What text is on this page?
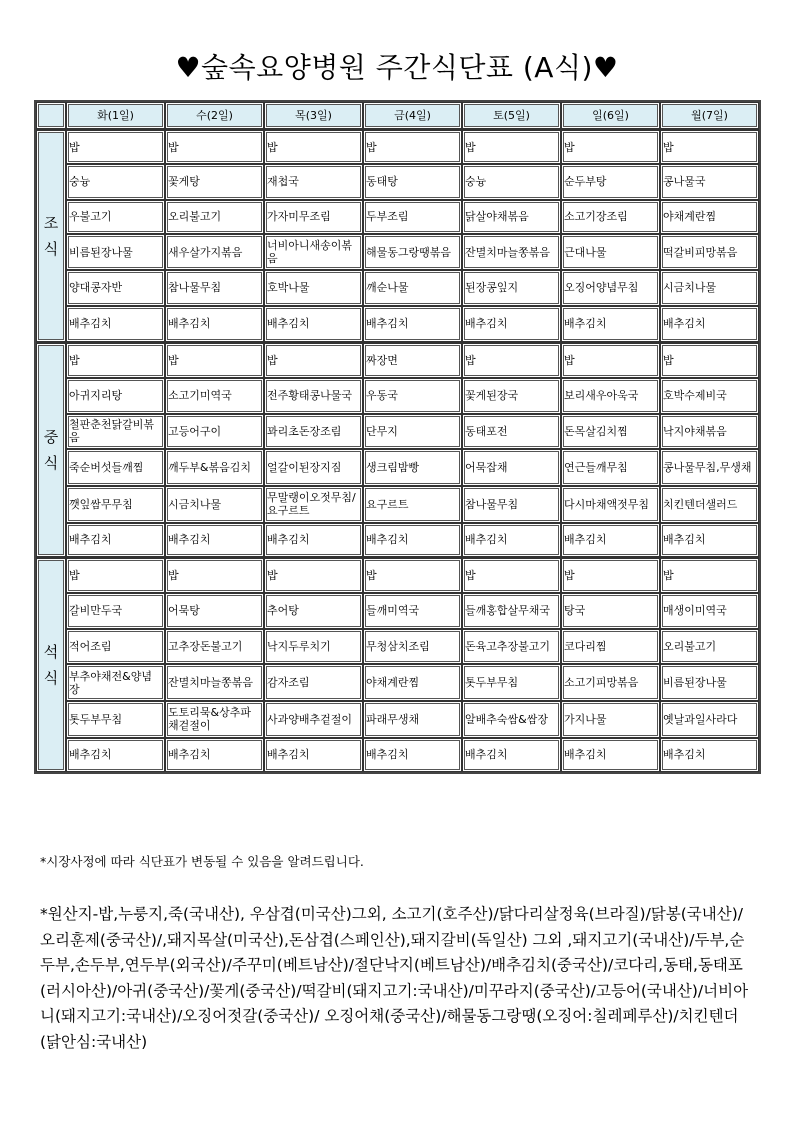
♥숲속요양병원 주간식단표 (A식)♥
	화(1일)	수(2일)	목(3일)	금(4일)	토(5일)	일(6일)	월(7일)
조식	밥	밥	밥	밥	밥	밥	밥
	숭늉	꽃게탕	재첩국	동태탕	숭늉	순두부탕	콩나물국
	우불고기	오리불고기	가자미무조림	두부조림	닭살야채볶음	소고기장조림	야채계란찜
	비름된장나물	새우살가지볶음	너비아니새송이볶음	해물동그랑땡볶음	잔멸치마늘쫑볶음	근대나물	떡갈비피망볶음
	양대콩자반	참나물무침	호박나물	깨순나물	된장콩잎지	오징어양념무침	시금치나물
	배추김치	배추김치	배추김치	배추김치	배추김치	배추김치	배추김치
중식	밥	밥	밥	짜장면	밥	밥	밥
	아귀지리탕	소고기미역국	전주황태콩나물국	우동국	꽃게된장국	보리새우아욱국	호박수제비국
	철판춘천닭갈비볶음	고등어구이	꽈리초돈장조림	단무지	동태포전	돈목살김치찜	낙지야채볶음
	죽순버섯들깨찜	깨두부&볶음김치	얼갈이된장지짐	생크림밤빵	어묵잡채	연근들깨무침	콩나물무침,무생채
	깻잎쌈무무침	시금치나물	무말랭이오젓무침/요구르트	요구르트	참나물무침	다시마채액젓무침	치킨텐더샐러드
	배추김치	배추김치	배추김치	배추김치	배추김치	배추김치	배추김치
석식	밥	밥	밥	밥	밥	밥	밥
	갈비만두국	어묵탕	추어탕	들깨미역국	들깨홍합살무채국	탕국	매생이미역국
	적어조림	고추장돈불고기	낙지두루치기	무청삼치조림	돈육고추장불고기	코다리찜	오리불고기
	부추야채전&양념장	잔멸치마늘쫑볶음	감자조림	야채계란찜	톳두부무침	소고기피망볶음	비름된장나물
	톳두부무침	도토리묵&상추파채겉절이	사과양배추겉절이	파래무생채	알배추숙쌈&쌈장	가지나물	옛날과일사라다
	배추김치	배추김치	배추김치	배추김치	배추김치	배추김치	배추김치
*시장사정에 따라 식단표가 변동될 수 있음을 알려드립니다.
*원산지-밥,누룽지,죽(국내산), 우삼겹(미국산)그외, 소고기(호주산)/닭다리살정육(브라질)/닭봉(국내산)/오리훈제(중국산)/,돼지목살(미국산),돈삼겹(스페인산),돼지갈비(독일산) 그외 ,돼지고기(국내산)/두부,순두부,손두부,연두부(외국산)/주꾸미(베트남산)/절단낙지(베트남산)/배추김치(중국산)/코다리,동태,동태포(러시아산)/아귀(중국산)/꽃게(중국산)/떡갈비(돼지고기:국내산)/미꾸라지(중국산)/고등어(국내산)/너비아니(돼지고기:국내산)/오징어젓갈(중국산)/ 오징어채(중국산)/해물동그랑땡(오징어:칠레페루산)/치킨텐더(닭안심:국내산)
